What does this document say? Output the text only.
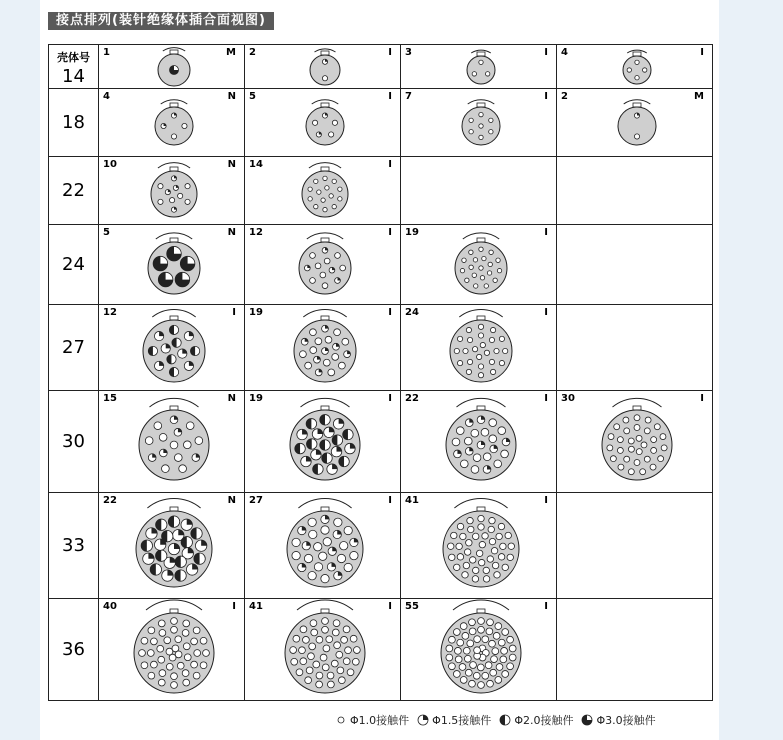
接点排列(装针绝缘体插合面视图)
壳体号
14	1 M	2 I	3 I	4 I

18	4 N	5 I	7 I	2 M

22	10 N	14 I		

24	5 N	12 I	19 I	

27	12 I	19 I	24 I	

30	15 N	19 I	22 I	30 I

33	22 N	27 I	41 I	

36	40 I	41 I	55 I	

Φ1.0接触件 Φ1.5接触件 Φ2.0接触件 Φ3.0接触件
